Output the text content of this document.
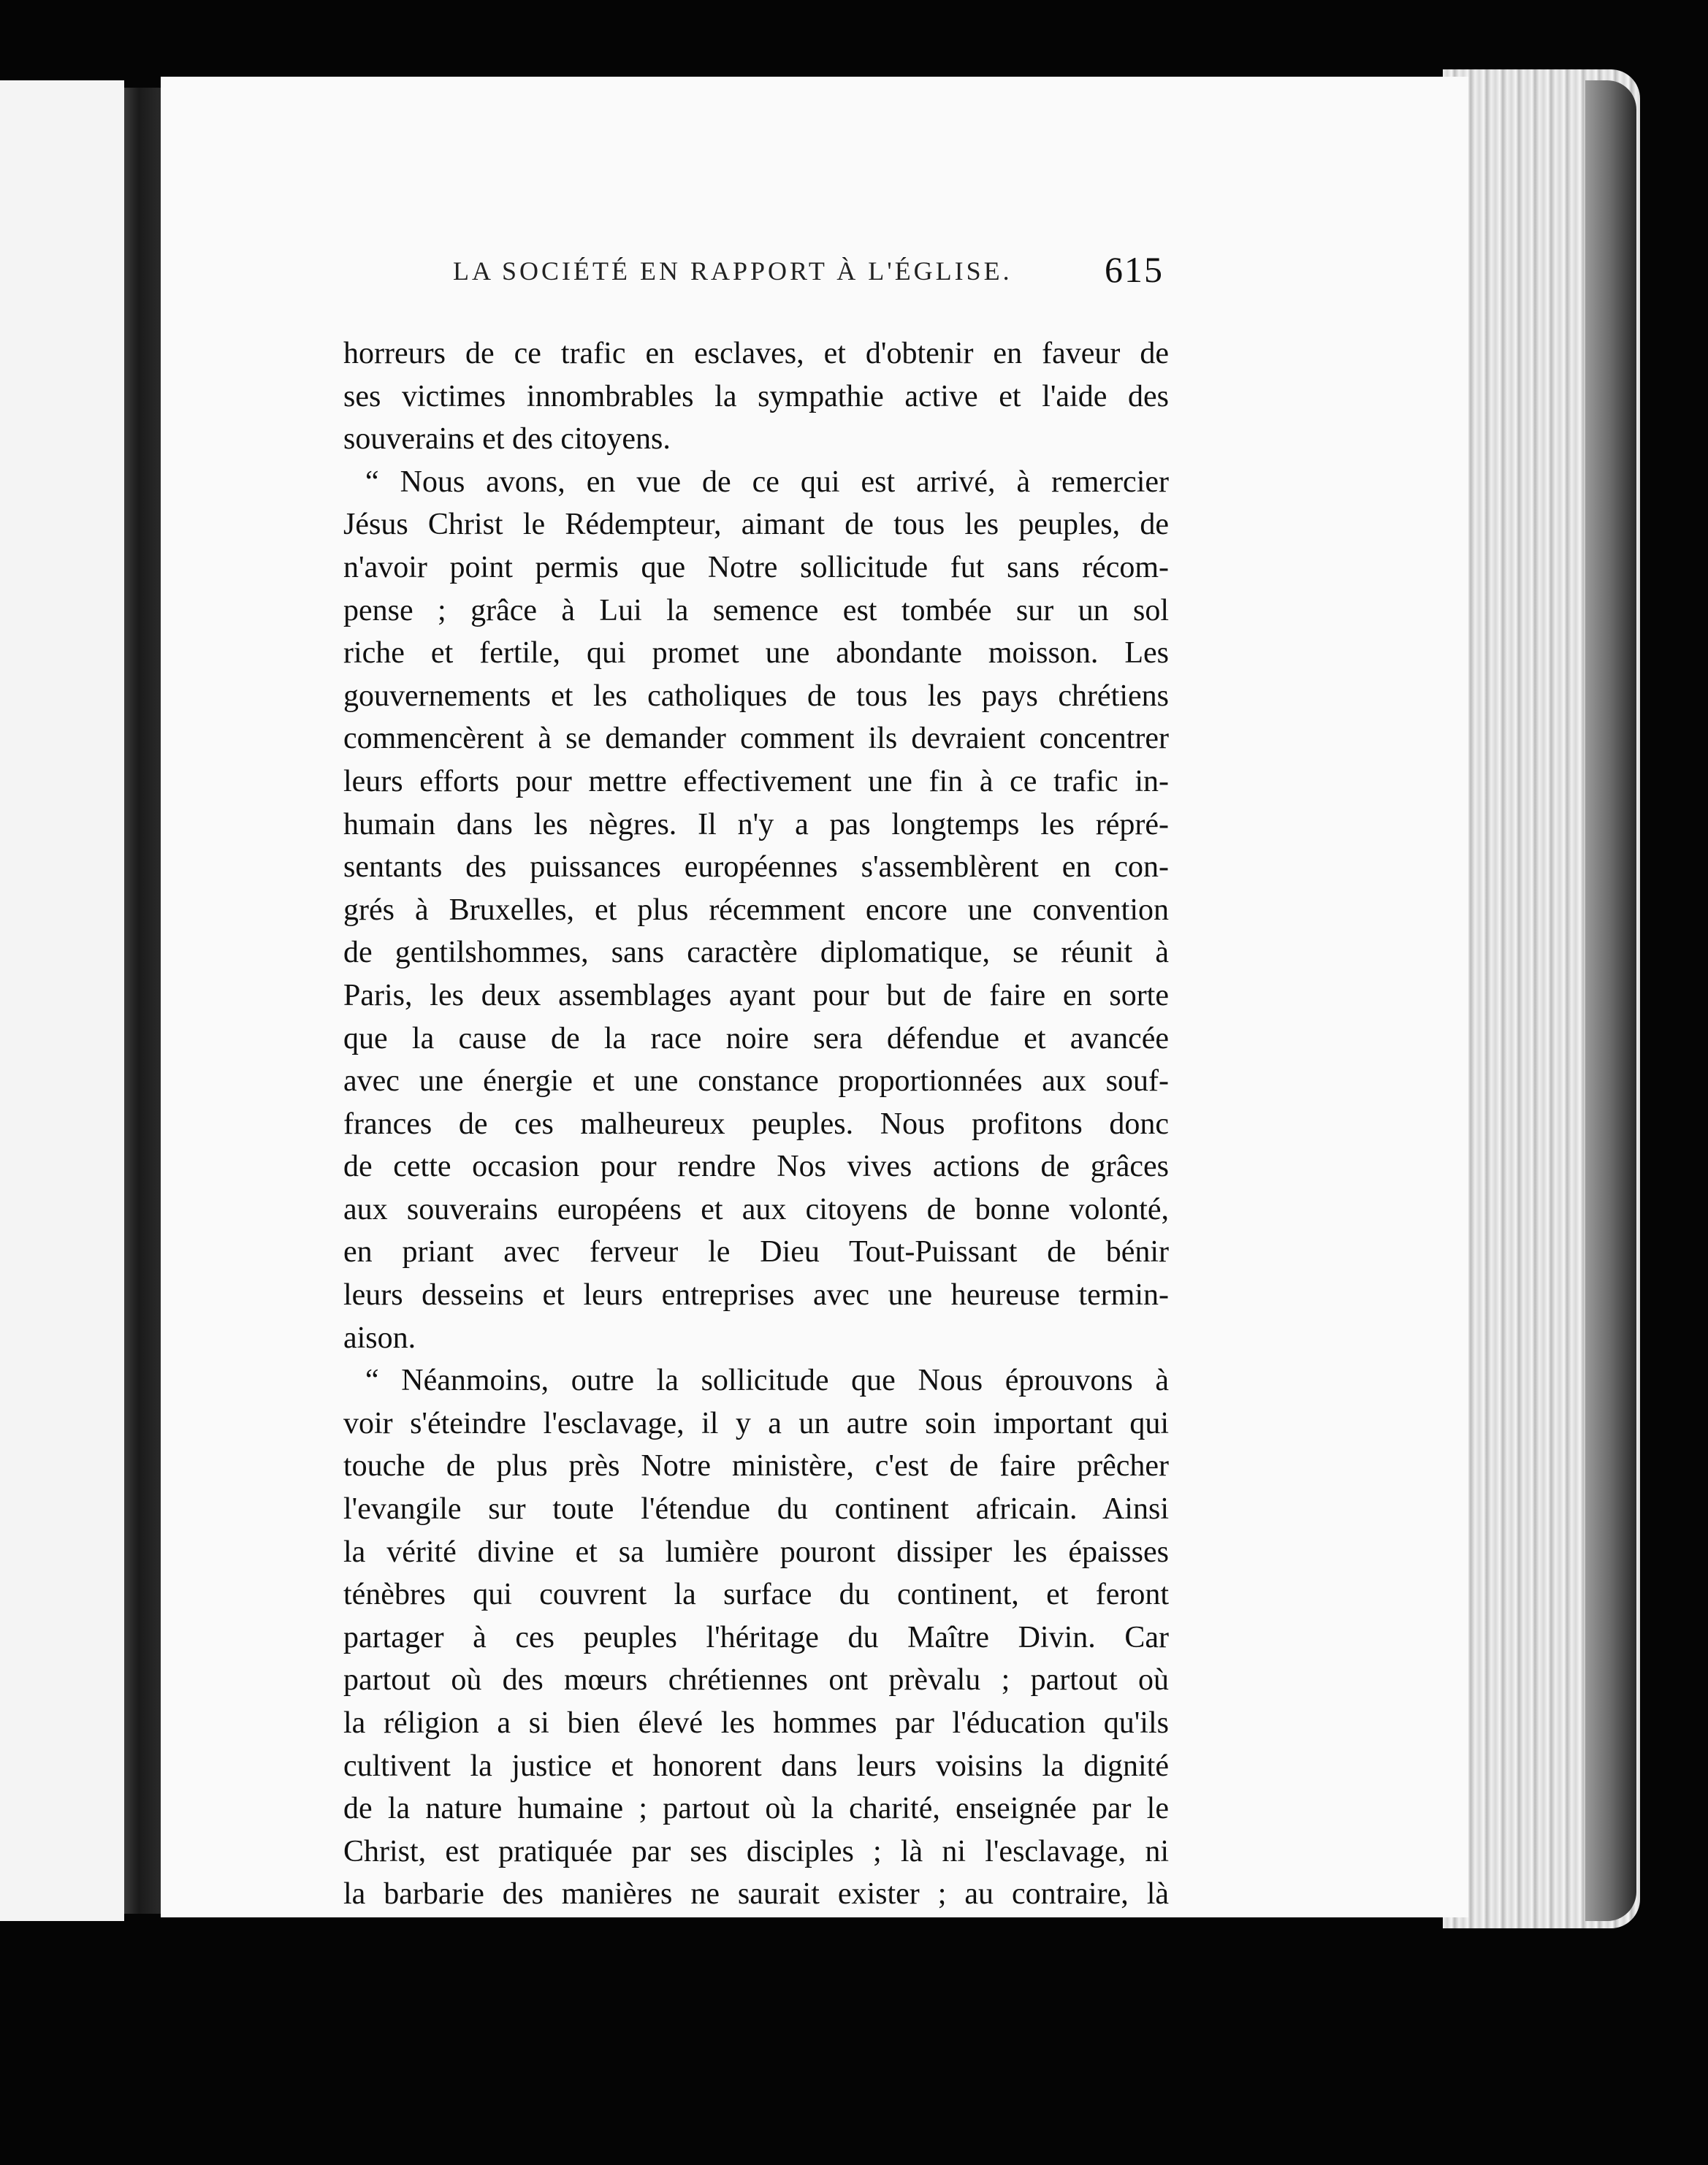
LA SOCIÉTÉ EN RAPPORT À L'ÉGLISE.	615
horreurs de ce trafic en esclaves, et d'obtenir en faveur de
ses victimes innombrables la sympathie active et l'aide des
souverains et des citoyens.
“ Nous avons, en vue de ce qui est arrivé, à remercier
Jésus Christ le Rédempteur, aimant de tous les peuples, de
n'avoir point permis que Notre sollicitude fut sans récom-
pense ; grâce à Lui la semence est tombée sur un sol
riche et fertile, qui promet une abondante moisson. Les
gouvernements et les catholiques de tous les pays chrétiens
commencèrent à se demander comment ils devraient concentrer
leurs efforts pour mettre effectivement une fin à ce trafic in-
humain dans les nègres. Il n'y a pas longtemps les répré-
sentants des puissances européennes s'assemblèrent en con-
grés à Bruxelles, et plus récemment encore une convention
de gentilshommes, sans caractère diplomatique, se réunit à
Paris, les deux assemblages ayant pour but de faire en sorte
que la cause de la race noire sera défendue et avancée
avec une énergie et une constance proportionnées aux souf-
frances de ces malheureux peuples. Nous profitons donc
de cette occasion pour rendre Nos vives actions de grâces
aux souverains européens et aux citoyens de bonne volonté,
en priant avec ferveur le Dieu Tout-Puissant de bénir
leurs desseins et leurs entreprises avec une heureuse termin-
aison.
“ Néanmoins, outre la sollicitude que Nous éprouvons à
voir s'éteindre l'esclavage, il y a un autre soin important qui
touche de plus près Notre ministère, c'est de faire prêcher
l'evangile sur toute l'étendue du continent africain. Ainsi
la vérité divine et sa lumière pouront dissiper les épaisses
ténèbres qui couvrent la surface du continent, et feront
partager à ces peuples l'héritage du Maître Divin. Car
partout où des mœurs chrétiennes ont prèvalu ; partout où
la réligion a si bien élevé les hommes par l'éducation qu'ils
cultivent la justice et honorent dans leurs voisins la dignité
de la nature humaine ; partout où la charité, enseignée par le
Christ, est pratiquée par ses disciples ; là ni l'esclavage, ni
la barbarie des manières ne saurait exister ; au contraire, là
